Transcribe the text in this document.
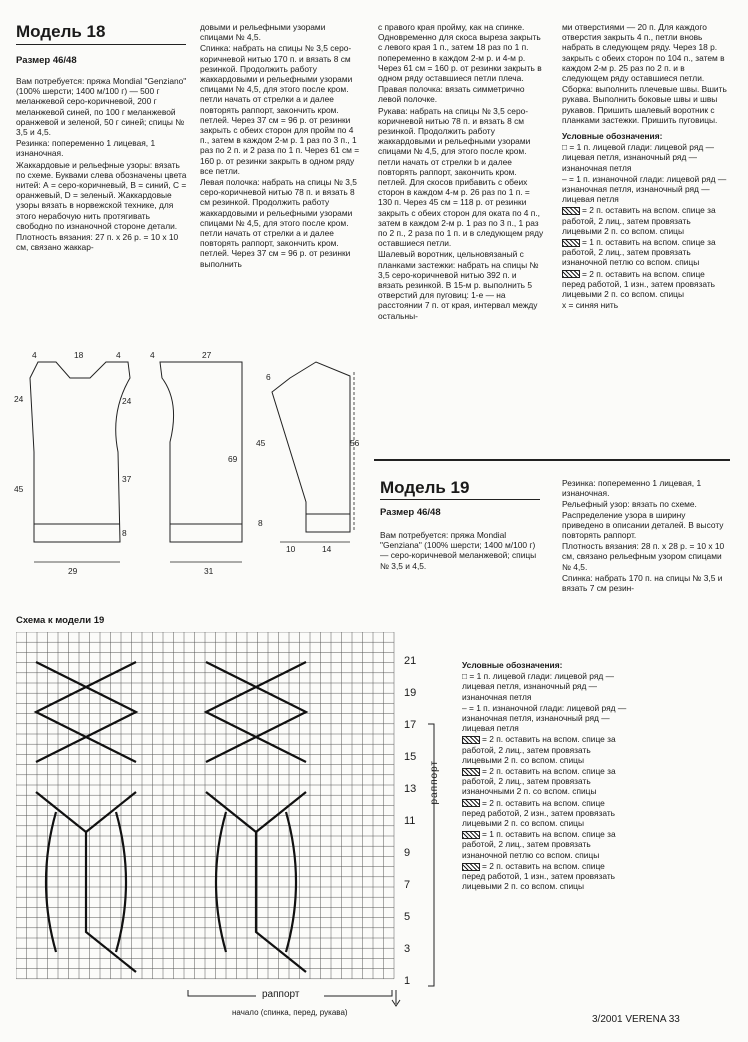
Модель 18
Размер 46/48

Вам потребуется: пряжа Mondial "Genziano" (100% шерсти; 1400 м/100 г) — 500 г меланжевой серо-коричневой, 200 г меланжевой синей, по 100 г меланжевой оранжевой и зеленой, 50 г синей; спицы № 3,5 и 4,5.

Резинка: попеременно 1 лицевая, 1 изнаночная.

Жаккардовые и рельефные узоры: вязать по схеме. Буквами слева обозначены цвета нитей: А = серо-коричневый, В = синий, С = оранжевый, D = зеленый. Жаккардовые узоры вязать в норвежской технике, для этого нерабочую нить протягивать свободно по изнаночной стороне детали.

Плотность вязания: 27 п. х 26 р. = 10 х 10 см, связано жаккар-

довыми и рельефными узорами спицами № 4,5.

Спинка: набрать на спицы № 3,5 серо-коричневой нитью 170 п. и вязать 8 см резинкой. Продолжить работу жаккардовыми и рельефными узорами спицами № 4,5, для этого после кром. петли начать от стрелки а и далее повторять раппорт, закончить кром. петлей. Через 37 см = 96 р. от резинки закрыть с обеих сторон для пройм по 4 п., затем в каждом 2-м р. 1 раз по 3 п., 1 раз по 2 п. и 2 раза по 1 п. Через 61 см = 160 р. от резинки закрыть в одном ряду все петли.

Левая полочка: набрать на спицы № 3,5 серо-коричневой нитью 78 п. и вязать 8 см резинкой. Продолжить работу жаккардовыми и рельефными узорами спицами № 4,5, для этого после кром. петли начать от стрелки а и далее повторять раппорт, закончить кром. петлей. Через 37 см = 96 р. от резинки выполнить

с правого края пройму, как на спинке. Одновременно для скоса выреза закрыть с левого края 1 п., затем 18 раз по 1 п. попеременно в каждом 2-м р. и 4-м р. Через 61 см = 160 р. от резинки закрыть в одном ряду оставшиеся петли плеча.

Правая полочка: вязать симметрично левой полочке.

Рукава: набрать на спицы № 3,5 серо-коричневой нитью 78 п. и вязать 8 см резинкой. Продолжить работу жаккардовыми и рельефными узорами спицами № 4,5, для этого после кром. петли начать от стрелки b и далее повторять раппорт, закончить кром. петлей. Для скосов прибавить с обеих сторон в каждом 4-м р. 26 раз по 1 п. = 130 п. Через 45 см = 118 р. от резинки закрыть с обеих сторон для оката по 4 п., затем в каждом 2-м р. 1 раз по 3 п., 1 раз по 2 п., 2 раза по 1 п. и в следующем ряду оставшиеся петли.

Шалевый воротник, цельновязаный с планками застежки: набрать на спицы № 3,5 серо-коричневой нитью 392 п. и вязать резинкой. В 15-м р. выполнить 5 отверстий для пуговиц: 1-е — на расстоянии 7 п. от края, интервал между остальны-

ми отверстиями — 20 п. Для каждого отверстия закрыть 4 п., петли вновь набрать в следующем ряду. Через 18 р. закрыть с обеих сторон по 104 п., затем в каждом 2-м р. 25 раз по 2 п. и в следующем ряду оставшиеся петли.

Сборка: выполнить плечевые швы. Вшить рукава. Выполнить боковые швы и швы рукавов. Пришить шалевый воротник с планками застежки. Пришить пуговицы.

Условные обозначения:

□ = 1 п. лицевой глади: лицевой ряд — лицевая петля, изнаночный ряд — изнаночная петля

– = 1 п. изнаночной глади: лицевой ряд — изнаночная петля, изнаночный ряд — лицевая петля

= 2 п. оставить на вспом. спице за работой, 2 лиц., затем провязать лицевыми 2 п. со вспом. спицы

= 1 п. оставить на вспом. спице за работой, 2 лиц., затем провязать изнаночной петлю со вспом. спицы

= 2 п. оставить на вспом. спице перед работой, 1 изн., затем провязать лицевыми 2 п. со вспом. спицы

x = синяя нить

4	18	4	4	27
24	24
45
37
69
8
29	31
6
8
45	56
10	14
Модель 19
Размер 46/48

Вам потребуется: пряжа Mondial "Genziana" (100% шерсти; 1400 м/100 г) — серо-коричневой меланжевой; спицы № 3,5 и 4,5.

Резинка: попеременно 1 лицевая, 1 изнаночная.

Рельефный узор: вязать по схеме. Распределение узора в ширину приведено в описании деталей. В высоту повторять раппорт.

Плотность вязания: 28 п. х 28 р. = 10 х 10 см, связано рельефным узором спицами № 4,5.

Спинка: набрать 170 п. на спицы № 3,5 и вязать 7 см резин-

Схема к модели 19
21
19
17
15
13
11
9
7
5
3
1
раппорт
раппорт
начало (спинка, перед, рукава)

Условные обозначения:

□ = 1 п. лицевой глади: лицевой ряд — лицевая петля, изнаночный ряд — изнаночная петля

– = 1 п. изнаночной глади: лицевой ряд — изнаночная петля, изнаночный ряд — лицевая петля

= 2 п. оставить на вспом. спице за работой, 2 лиц., затем провязать лицевыми 2 п. со вспом. спицы

= 2 п. оставить на вспом. спице за работой, 2 лиц., затем провязать изнаночными 2 п. со вспом. спицы

= 2 п. оставить на вспом. спице перед работой, 2 изн., затем провязать лицевыми 2 п. со вспом. спицы

= 1 п. оставить на вспом. спице за работой, 2 лиц., затем провязать изнаночной петлю со вспом. спицы

= 2 п. оставить на вспом. спице перед работой, 1 изн., затем провязать лицевыми 2 п. со вспом. спицы

3/2001 VERENA 33
